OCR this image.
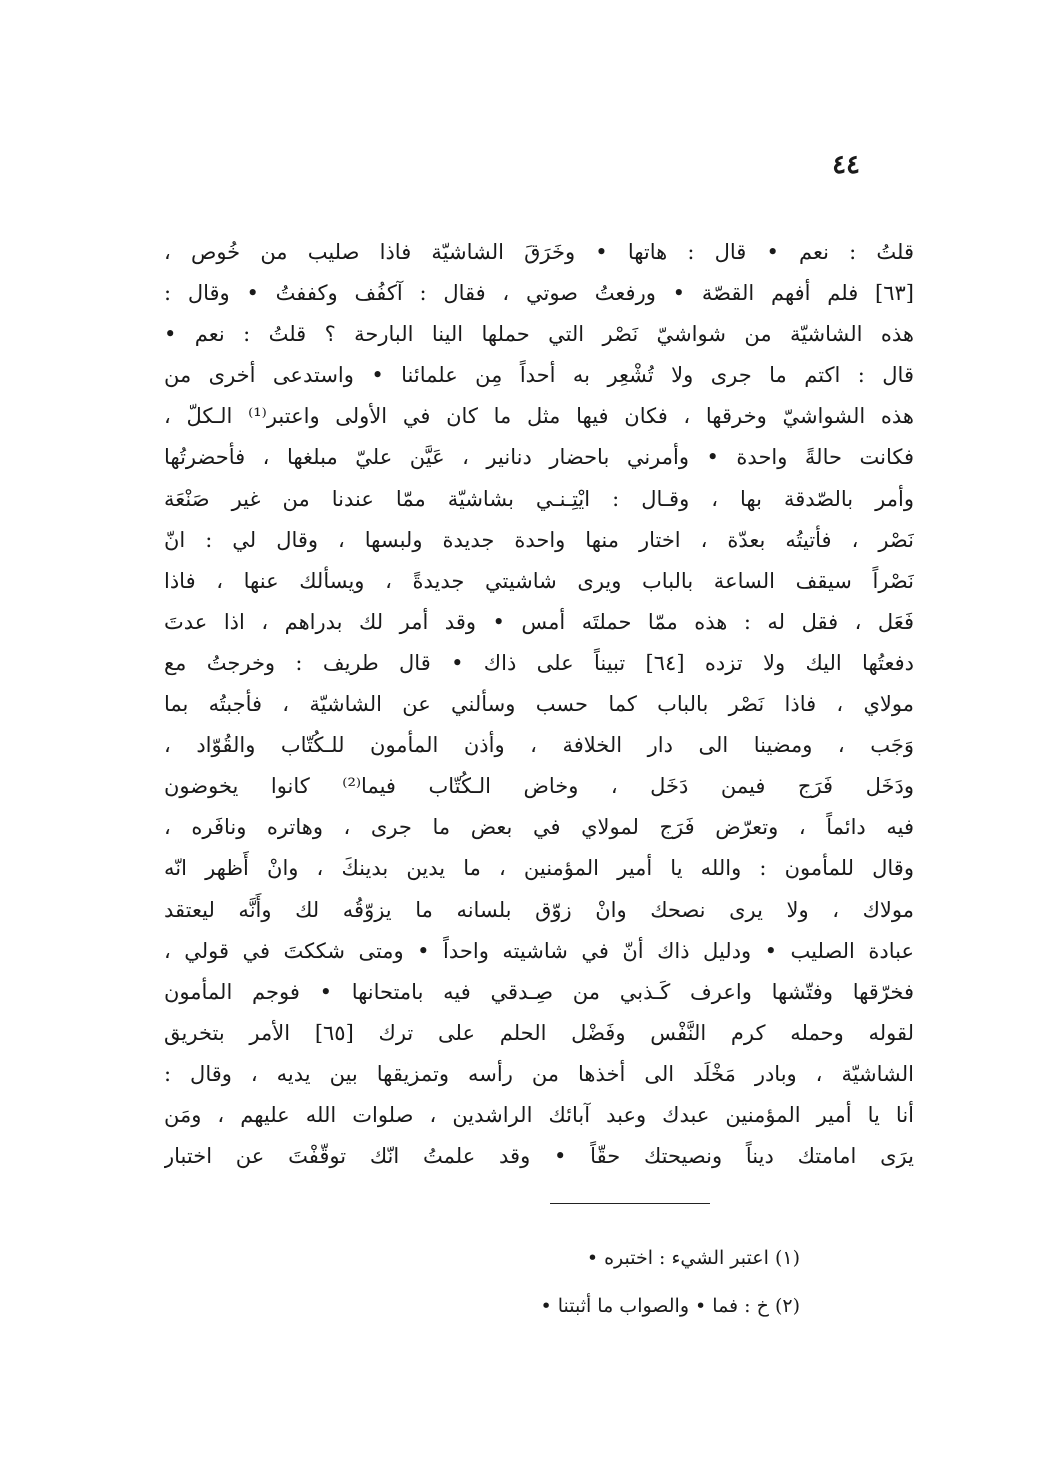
٤٤
قلتُ : نعم • قال : هاتها • وخَرَقَ الشاشيّة فاذا صليب من خُوص ،
[٦٣] فلم أفهم القصّة • ورفعتُ صوتي ، فقال : آكفُف وكففتُ • وقال :
هذه الشاشيّة من شواشيّ نَصْر التي حملها الينا البارحة ؟ قلتُ : نعم •
قال : اكتم ما جرى ولا تُشْعِر به أحداً مِن علمائنا • واستدعى أخرى من
هذه الشواشيّ وخرقها ، فكان فيها مثل ما كان في الأولى واعتبر⁽¹⁾ الـكلّ ،
فكانت حالةً واحدة • وأمرني باحضار دنانير ، عَيَّن عليّ مبلغها ، فأحضرتُها
وأمر بالصّدقة بها ، وقـال : ايْتِـنـي بشاشيّة ممّا عندنا من غير صَنْعَة
نَصْر ، فأتيتُه بعدّة ، اختار منها واحدة جديدة ولبسها ، وقال لي : انّ
نَصْراً سيقف الساعة بالباب ويرى شاشيتي جديدةً ، ويسألك عنها ، فاذا
فَعَل ، فقل له : هذه ممّا حملتَه أمس • وقد أمر لك بدراهم ، اذا عدتَ
دفعتُها اليك ولا تزده [٦٤] تبيناً على ذاك • قال طريف : وخرجتُ مع
مولاي ، فاذا نَصْر بالباب كما حسب وسألني عن الشاشيّة ، فأجبتُه بما
وَجَب ، ومضينا الى دار الخلافة ، وأذن المأمون للـكُتّاب والقُوّاد ،
ودَخَل فَرَج فيمن دَخَل ، وخاض الـكُتّاب فيما⁽²⁾ كانوا يخوضون
فيه دائماً ، وتعرّض فَرَج لمولاي في بعض ما جرى ، وهاتره ونافَره ،
وقال للمأمون : والله يا أمير المؤمنين ، ما يدين بدينكَ ، وانْ أَظهر انّه
مولاك ، ولا يرى نصحك وانْ زوّق بلسانه ما يزوّقُه لك وأَنَّه ليعتقد
عبادة الصليب • ودليل ذاك أنّ في شاشيته واحداً • ومتى شككتَ في قولي ،
فخرّقها وفتّشها واعرف كَـذبي من صِـدقي فيه بامتحانها • فوجم المأمون
لقوله وحمله كرم النَّفْس وفَضْل الحلم على ترك [٦٥] الأمر بتخريق
الشاشيّة ، وبادر مَخْلَد الى أخذها من رأسه وتمزيقها بين يديه ، وقال :
أنا يا أمير المؤمنين عبدك وعبد آبائك الراشدين ، صلوات الله عليهم ، ومَن
يرَى امامتك ديناً ونصيحتك حقّاً • وقد علمتُ انّك توقّفْتَ عن اختبار
(١) اعتبر الشيء : اختبره •
(٢) خ : فما • والصواب ما أثبتنا •
